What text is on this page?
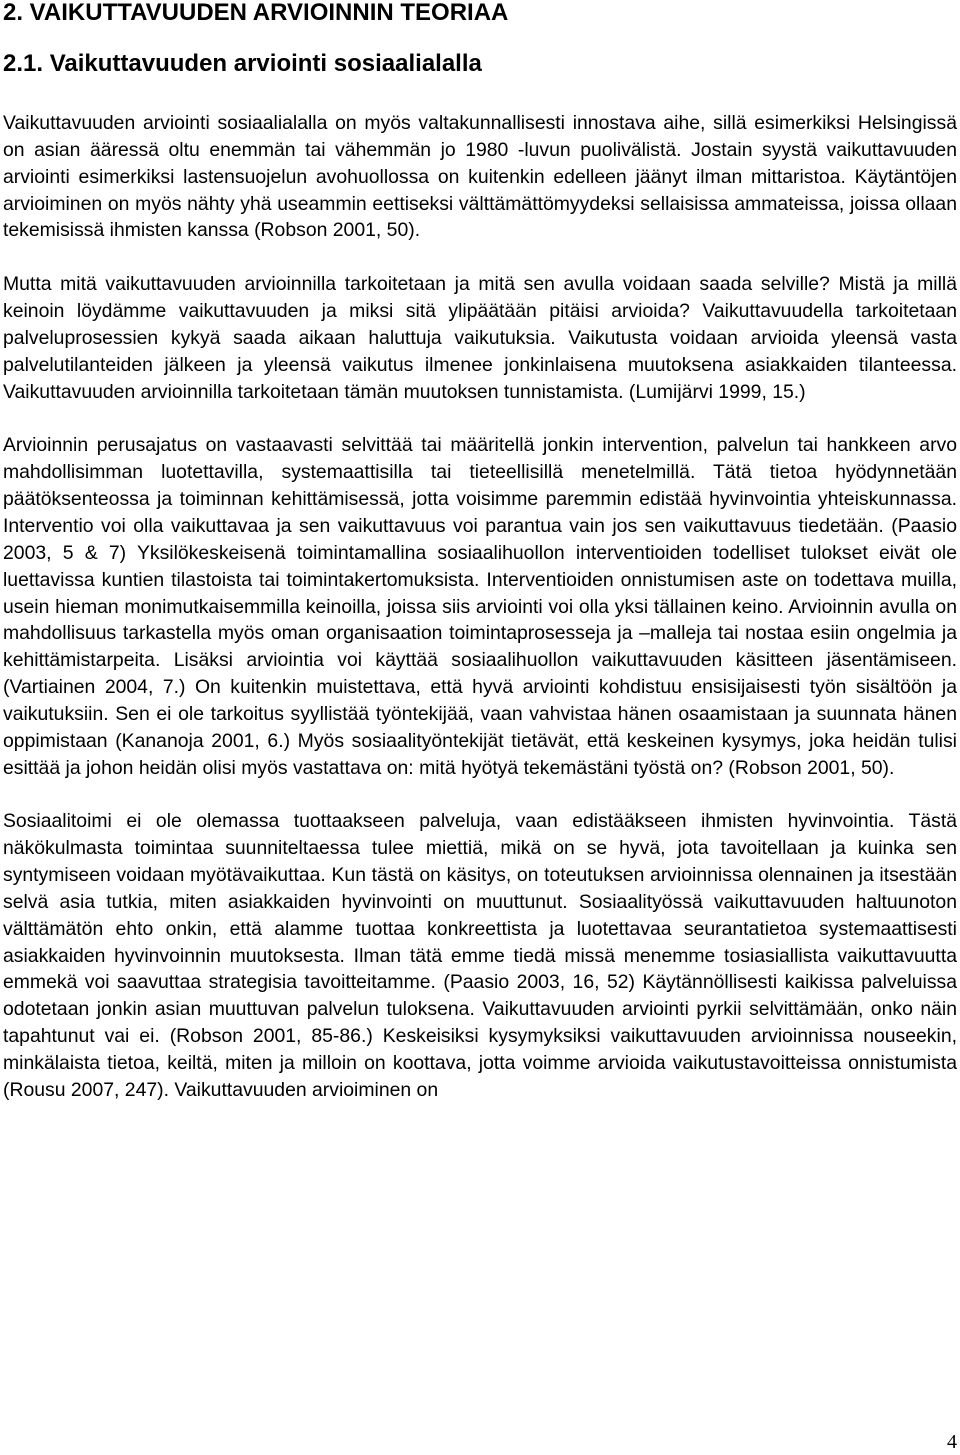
2. VAIKUTTAVUUDEN ARVIOINNIN TEORIAA
2.1. Vaikuttavuuden arviointi sosiaalialalla

Vaikuttavuuden arviointi sosiaalialalla on myös valtakunnallisesti innostava aihe, sillä esimerkiksi Helsingissä on asian ääressä oltu enemmän tai vähemmän jo 1980 -luvun puolivälistä. Jostain syystä vaikuttavuuden arviointi esimerkiksi lastensuojelun avohuollossa on kuitenkin edelleen jäänyt ilman mittaristoa. Käytäntöjen arvioiminen on myös nähty yhä useammin eettiseksi välttämättömyydeksi sellaisissa ammateissa, joissa ollaan tekemisissä ihmisten kanssa (Robson 2001, 50).

Mutta mitä vaikuttavuuden arvioinnilla tarkoitetaan ja mitä sen avulla voidaan saada selville? Mistä ja millä keinoin löydämme vaikuttavuuden ja miksi sitä ylipäätään pitäisi arvioida? Vaikuttavuudella tarkoitetaan palveluprosessien kykyä saada aikaan haluttuja vaikutuksia. Vaikutusta voidaan arvioida yleensä vasta palvelutilanteiden jälkeen ja yleensä vaikutus ilmenee jonkinlaisena muutoksena asiakkaiden tilanteessa. Vaikuttavuuden arvioinnilla tarkoitetaan tämän muutoksen tunnistamista. (Lumijärvi 1999, 15.)

Arvioinnin perusajatus on vastaavasti selvittää tai määritellä jonkin intervention, palvelun tai hankkeen arvo mahdollisimman luotettavilla, systemaattisilla tai tieteellisillä menetelmillä. Tätä tietoa hyödynnetään päätöksenteossa ja toiminnan kehittämisessä, jotta voisimme paremmin edistää hyvinvointia yhteiskunnassa. Interventio voi olla vaikuttavaa ja sen vaikuttavuus voi parantua vain jos sen vaikuttavuus tiedetään. (Paasio 2003, 5 & 7) Yksilökeskeisenä toimintamallina sosiaalihuollon interventioiden todelliset tulokset eivät ole luettavissa kuntien tilastoista tai toimintakertomuksista. Interventioiden onnistumisen aste on todettava muilla, usein hieman monimutkaisemmilla keinoilla, joissa siis arviointi voi olla yksi tällainen keino. Arvioinnin avulla on mahdollisuus tarkastella myös oman organisaation toimintaprosesseja ja –malleja tai nostaa esiin ongelmia ja kehittämistarpeita. Lisäksi arviointia voi käyttää sosiaalihuollon vaikuttavuuden käsitteen jäsentämiseen. (Vartiainen 2004, 7.) On kuitenkin muistettava, että hyvä arviointi kohdistuu ensisijaisesti työn sisältöön ja vaikutuksiin. Sen ei ole tarkoitus syyllistää työntekijää, vaan vahvistaa hänen osaamistaan ja suunnata hänen oppimistaan (Kananoja 2001, 6.) Myös sosiaalityöntekijät tietävät, että keskeinen kysymys, joka heidän tulisi esittää ja johon heidän olisi myös vastattava on: mitä hyötyä tekemästäni työstä on? (Robson 2001, 50).

Sosiaalitoimi ei ole olemassa tuottaakseen palveluja, vaan edistääkseen ihmisten hyvinvointia. Tästä näkökulmasta toimintaa suunniteltaessa tulee miettiä, mikä on se hyvä, jota tavoitellaan ja kuinka sen syntymiseen voidaan myötävaikuttaa. Kun tästä on käsitys, on toteutuksen arvioinnissa olennainen ja itsestään selvä asia tutkia, miten asiakkaiden hyvinvointi on muuttunut. Sosiaalityössä vaikuttavuuden haltuunoton välttämätön ehto onkin, että alamme tuottaa konkreettista ja luotettavaa seurantatietoa systemaattisesti asiakkaiden hyvinvoinnin muutoksesta. Ilman tätä emme tiedä missä menemme tosiasiallista vaikuttavuutta emmekä voi saavuttaa strategisia tavoitteitamme. (Paasio 2003, 16, 52) Käytännöllisesti kaikissa palveluissa odotetaan jonkin asian muuttuvan palvelun tuloksena. Vaikuttavuuden arviointi pyrkii selvittämään, onko näin tapahtunut vai ei. (Robson 2001, 85-86.) Keskeisiksi kysymyksiksi vaikuttavuuden arvioinnissa nouseekin, minkälaista tietoa, keiltä, miten ja milloin on koottava, jotta voimme arvioida vaikutustavoitteissa onnistumista (Rousu 2007, 247). Vaikuttavuuden arvioiminen on

4
